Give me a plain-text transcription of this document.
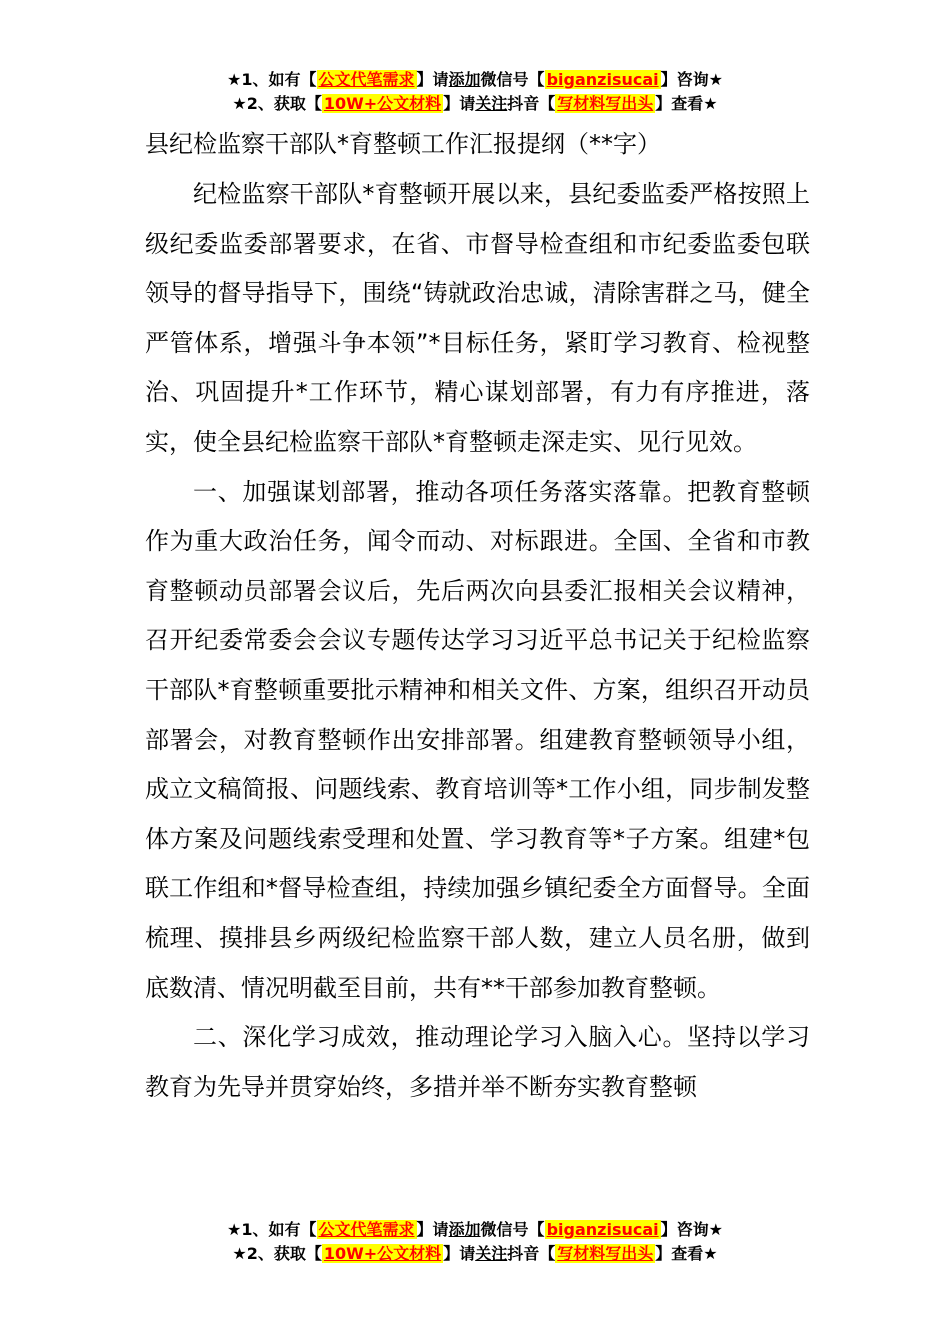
★1、如有【 公文代笔需求 】请添加微信号【 biganzisucai 】咨询★
★2、获取【 10W+公文材料 】请关注抖音【 写材料写出头 】查看★
县纪检监察干部队*育整顿工作汇报提纲（**字）

纪检监察干部队*育整顿开展以来，县纪委监委严格按照上级纪委监委部署要求，在省、市督导检查组和市纪委监委包联领导的督导指导下，围绕“铸就政治忠诚，清除害群之马，健全严管体系，增强斗争本领”*目标任务，紧盯学习教育、检视整治、巩固提升*工作环节，精心谋划部署，有力有序推进，落实，使全县纪检监察干部队*育整顿走深走实、见行见效。

一、加强谋划部署，推动各项任务落实落靠。把教育整顿作为重大政治任务，闻令而动、对标跟进。全国、全省和市教育整顿动员部署会议后，先后两次向县委汇报相关会议精神，召开纪委常委会会议专题传达学习习近平总书记关于纪检监察干部队*育整顿重要批示精神和相关文件、方案，组织召开动员部署会，对教育整顿作出安排部署。组建教育整顿领导小组，成立文稿简报、问题线索、教育培训等*工作小组，同步制发整体方案及问题线索受理和处置、学习教育等*子方案。组建*包联工作组和*督导检查组，持续加强乡镇纪委全方面督导。全面梳理、摸排县乡两级纪检监察干部人数，建立人员名册，做到底数清、情况明截至目前，共有**干部参加教育整顿。

二、深化学习成效，推动理论学习入脑入心。坚持以学习教育为先导并贯穿始终，多措并举不断夯实教育整顿

★1、如有【 公文代笔需求 】请添加微信号【 biganzisucai 】咨询★
★2、获取【 10W+公文材料 】请关注抖音【 写材料写出头 】查看★
